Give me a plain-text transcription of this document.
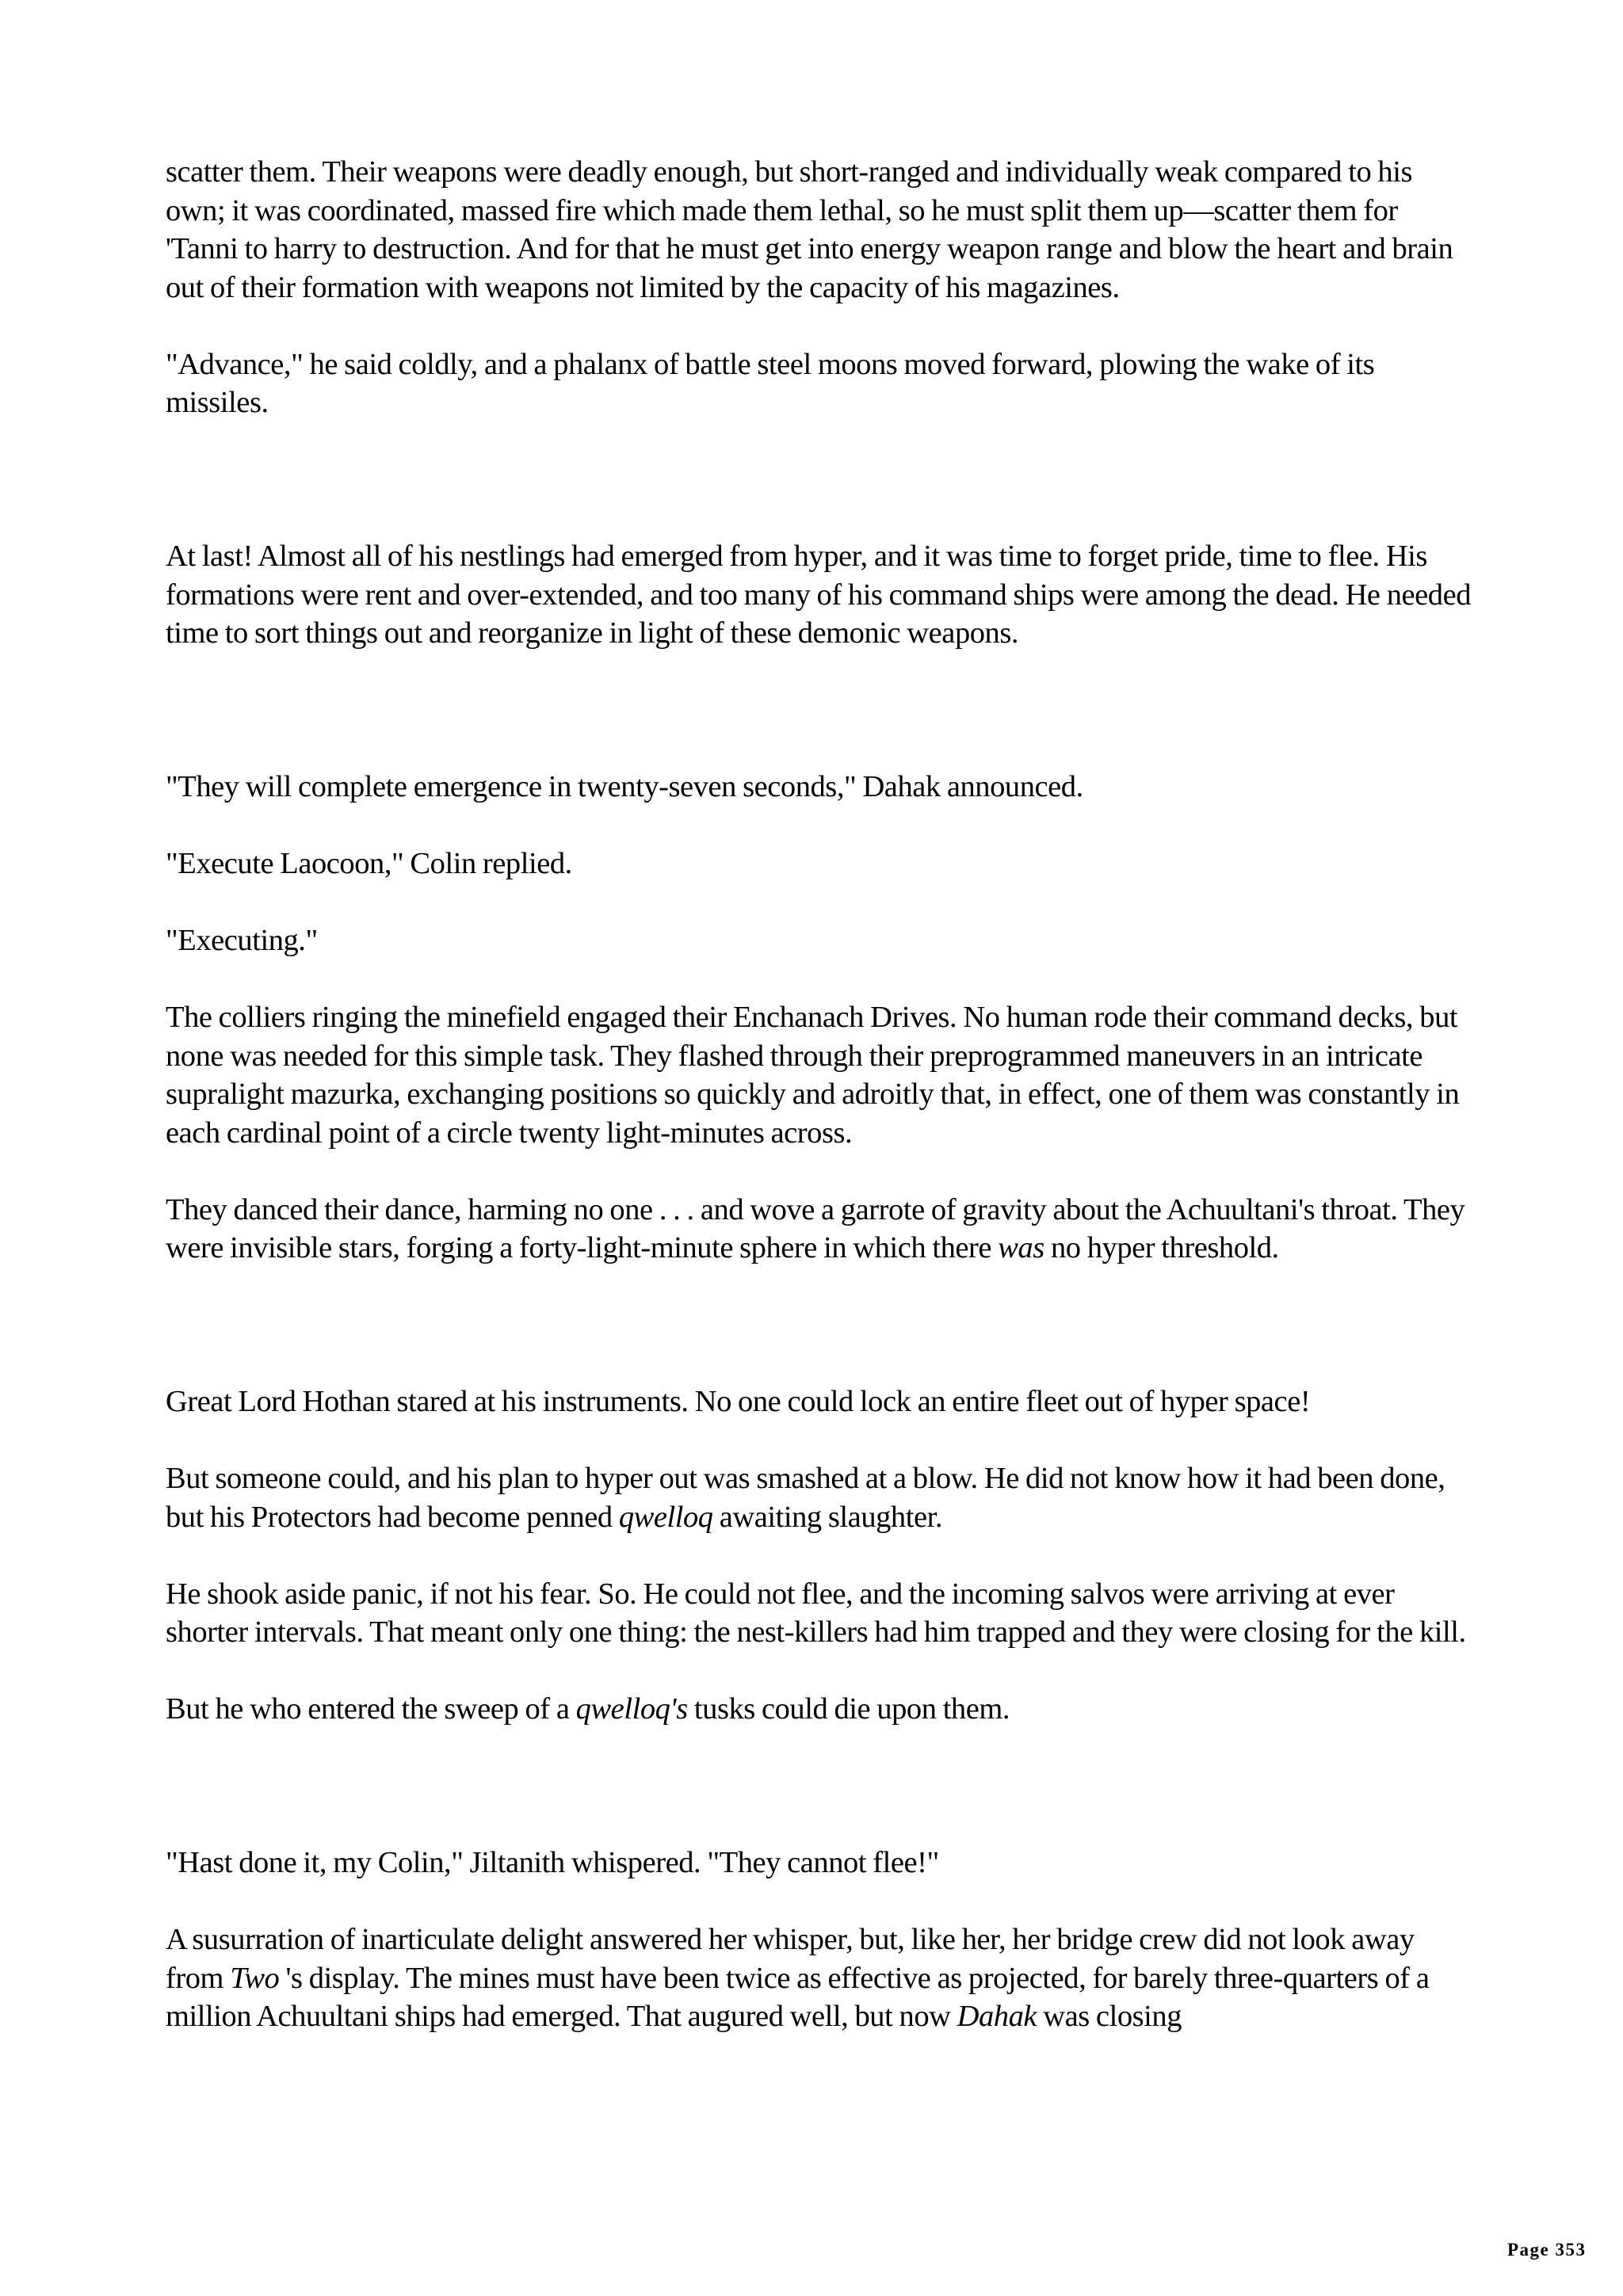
scatter them. Their weapons were deadly enough, but short-ranged and individually weak compared to his own; it was coordinated, massed fire which made them lethal, so he must split them up—scatter them for 'Tanni to harry to destruction. And for that he must get into energy weapon range and blow the heart and brain out of their formation with weapons not limited by the capacity of his magazines.

"Advance," he said coldly, and a phalanx of battle steel moons moved forward, plowing the wake of its missiles.

At last! Almost all of his nestlings had emerged from hyper, and it was time to forget pride, time to flee. His formations were rent and over-extended, and too many of his command ships were among the dead. He needed time to sort things out and reorganize in light of these demonic weapons.

"They will complete emergence in twenty-seven seconds," Dahak announced.

"Execute Laocoon," Colin replied.

"Executing."

The colliers ringing the minefield engaged their Enchanach Drives. No human rode their command decks, but none was needed for this simple task. They flashed through their preprogrammed maneuvers in an intricate supralight mazurka, exchanging positions so quickly and adroitly that, in effect, one of them was constantly in each cardinal point of a circle twenty light-minutes across.

They danced their dance, harming no one . . . and wove a garrote of gravity about the Achuultani's throat. They were invisible stars, forging a forty-light-minute sphere in which there was no hyper threshold.

Great Lord Hothan stared at his instruments. No one could lock an entire fleet out of hyper space!

But someone could, and his plan to hyper out was smashed at a blow. He did not know how it had been done, but his Protectors had become penned qwelloq awaiting slaughter.

He shook aside panic, if not his fear. So. He could not flee, and the incoming salvos were arriving at ever shorter intervals. That meant only one thing: the nest-killers had him trapped and they were closing for the kill.

But he who entered the sweep of a qwelloq's tusks could die upon them.

"Hast done it, my Colin," Jiltanith whispered. "They cannot flee!"

A susurration of inarticulate delight answered her whisper, but, like her, her bridge crew did not look away from Two 's display. The mines must have been twice as effective as projected, for barely three-quarters of a million Achuultani ships had emerged. That augured well, but now Dahak was closing

Page 353
